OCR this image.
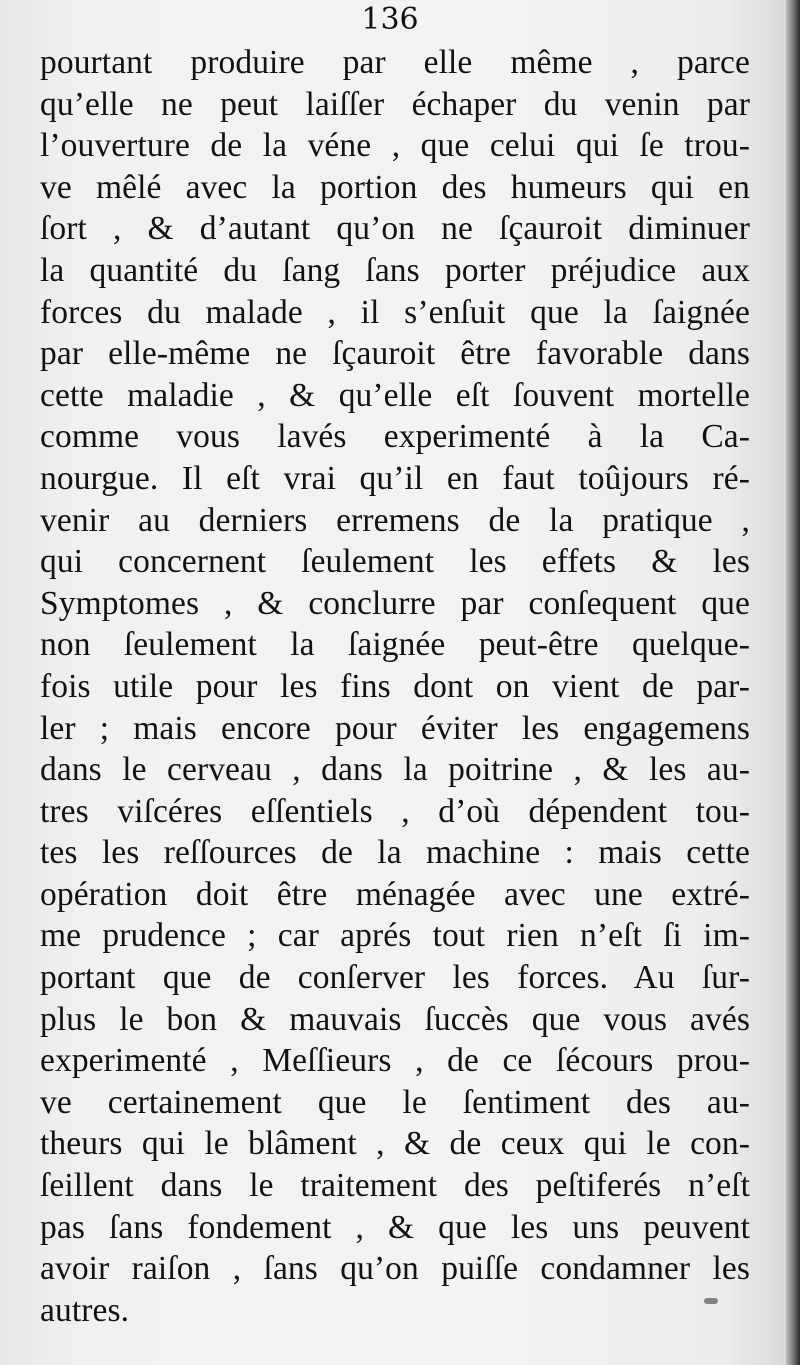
136
pourtant produire par elle même , parce
qu’elle ne peut laiſſer échaper du venin par
l’ouverture de la véne , que celui qui ſe trou-
ve mêlé avec la portion des humeurs qui en
ſort , & d’autant qu’on ne ſçauroit diminuer
la quantité du ſang ſans porter préjudice aux
forces du malade , il s’enſuit que la ſaignée
par elle-même ne ſçauroit être favorable dans
cette maladie , & qu’elle eſt ſouvent mortelle
comme vous lavés experimenté à la Ca-
nourgue. Il eſt vrai qu’il en faut toûjours ré-
venir au derniers erremens de la pratique ,
qui concernent ſeulement les effets & les
Symptomes , & conclurre par conſequent que
non ſeulement la ſaignée peut-être quelque-
fois utile pour les fins dont on vient de par-
ler ; mais encore pour éviter les engagemens
dans le cerveau , dans la poitrine , & les au-
tres viſcéres eſſentiels , d’où dépendent tou-
tes les reſſources de la machine : mais cette
opération doit être ménagée avec une extré-
me prudence ; car aprés tout rien n’eſt ſi im-
portant que de conſerver les forces. Au ſur-
plus le bon & mauvais ſuccès que vous avés
experimenté , Meſſieurs , de ce ſécours prou-
ve certainement que le ſentiment des au-
theurs qui le blâment , & de ceux qui le con-
ſeillent dans le traitement des peſtiferés n’eſt
pas ſans fondement , & que les uns peuvent
avoir raiſon , ſans qu’on puiſſe condamner les
autres.
